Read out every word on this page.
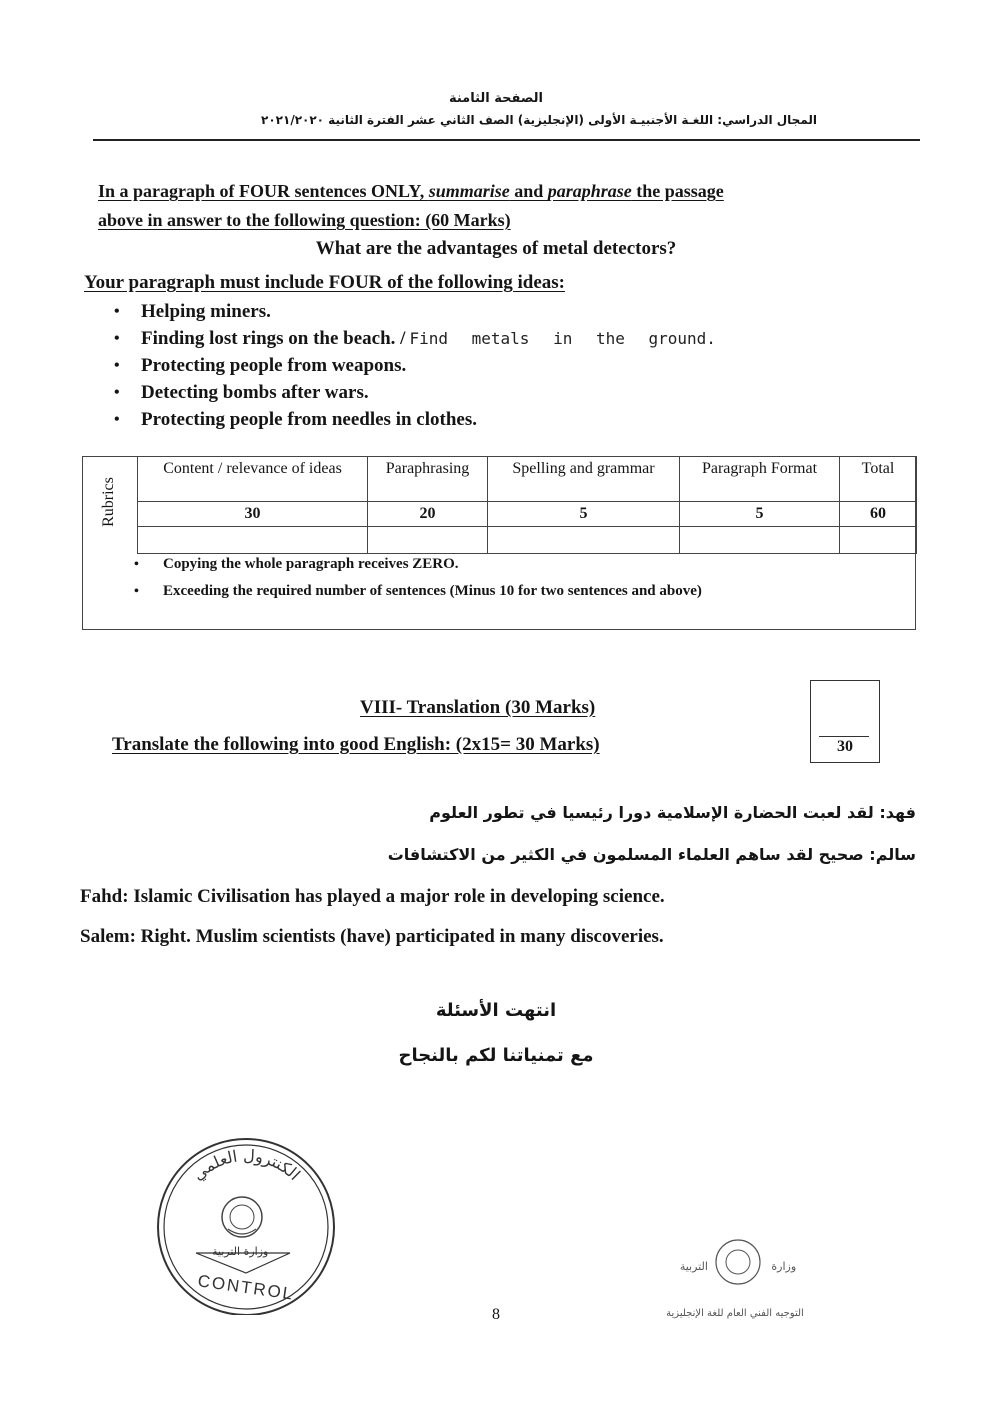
الصفحة الثامنة
المجال الدراسي: اللغـة الأجنبيـة الأولى (الإنجليزية) الصف الثاني عشر الفترة الثانية ٢٠٢١/٢٠٢٠
In a paragraph of FOUR sentences ONLY, summarise and paraphrase the passage
above in answer to the following question: (60 Marks)
What are the advantages of metal detectors?
Your paragraph must include FOUR of the following ideas:
• Helping miners.
• Finding lost rings on the beach. / Find metals in the ground.
• Protecting people from weapons.
• Detecting bombs after wars.
• Protecting people from needles in clothes.
Rubrics
Content / relevance of ideas	Paraphrasing	Spelling and grammar	Paragraph Format	Total
30	20	5	5	60

• Copying the whole paragraph receives ZERO.
• Exceeding the required number of sentences (Minus 10 for two sentences and above)
VIII- Translation (30 Marks)
Translate the following into good English: (2x15= 30 Marks)	30
فهد: لقد لعبت الحضارة الإسلامية دورا رئيسيا في تطور العلوم
سالم: صحيح لقد ساهم العلماء المسلمون في الكثير من الاكتشافات
Fahd: Islamic Civilisation has played a major role in developing science.
Salem: Right. Muslim scientists (have) participated in many discoveries.
انتهت الأسئلة
مع تمنياتنا لكم بالنجاح
الكنترول العلمي
وزارة التربية
CONTROL
وزارة التربية
التوجيه الفني العام للغة الإنجليزية
8
